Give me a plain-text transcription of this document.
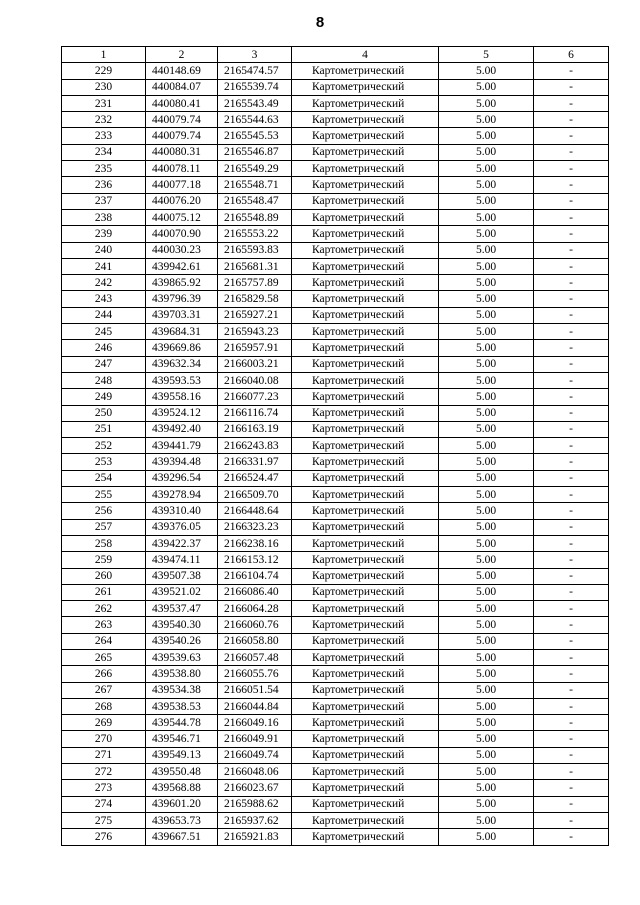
8
1	2	3	4	5	6
229	440148.69	2165474.57	Картометрический	5.00	-
230	440084.07	2165539.74	Картометрический	5.00	-
231	440080.41	2165543.49	Картометрический	5.00	-
232	440079.74	2165544.63	Картометрический	5.00	-
233	440079.74	2165545.53	Картометрический	5.00	-
234	440080.31	2165546.87	Картометрический	5.00	-
235	440078.11	2165549.29	Картометрический	5.00	-
236	440077.18	2165548.71	Картометрический	5.00	-
237	440076.20	2165548.47	Картометрический	5.00	-
238	440075.12	2165548.89	Картометрический	5.00	-
239	440070.90	2165553.22	Картометрический	5.00	-
240	440030.23	2165593.83	Картометрический	5.00	-
241	439942.61	2165681.31	Картометрический	5.00	-
242	439865.92	2165757.89	Картометрический	5.00	-
243	439796.39	2165829.58	Картометрический	5.00	-
244	439703.31	2165927.21	Картометрический	5.00	-
245	439684.31	2165943.23	Картометрический	5.00	-
246	439669.86	2165957.91	Картометрический	5.00	-
247	439632.34	2166003.21	Картометрический	5.00	-
248	439593.53	2166040.08	Картометрический	5.00	-
249	439558.16	2166077.23	Картометрический	5.00	-
250	439524.12	2166116.74	Картометрический	5.00	-
251	439492.40	2166163.19	Картометрический	5.00	-
252	439441.79	2166243.83	Картометрический	5.00	-
253	439394.48	2166331.97	Картометрический	5.00	-
254	439296.54	2166524.47	Картометрический	5.00	-
255	439278.94	2166509.70	Картометрический	5.00	-
256	439310.40	2166448.64	Картометрический	5.00	-
257	439376.05	2166323.23	Картометрический	5.00	-
258	439422.37	2166238.16	Картометрический	5.00	-
259	439474.11	2166153.12	Картометрический	5.00	-
260	439507.38	2166104.74	Картометрический	5.00	-
261	439521.02	2166086.40	Картометрический	5.00	-
262	439537.47	2166064.28	Картометрический	5.00	-
263	439540.30	2166060.76	Картометрический	5.00	-
264	439540.26	2166058.80	Картометрический	5.00	-
265	439539.63	2166057.48	Картометрический	5.00	-
266	439538.80	2166055.76	Картометрический	5.00	-
267	439534.38	2166051.54	Картометрический	5.00	-
268	439538.53	2166044.84	Картометрический	5.00	-
269	439544.78	2166049.16	Картометрический	5.00	-
270	439546.71	2166049.91	Картометрический	5.00	-
271	439549.13	2166049.74	Картометрический	5.00	-
272	439550.48	2166048.06	Картометрический	5.00	-
273	439568.88	2166023.67	Картометрический	5.00	-
274	439601.20	2165988.62	Картометрический	5.00	-
275	439653.73	2165937.62	Картометрический	5.00	-
276	439667.51	2165921.83	Картометрический	5.00	-
